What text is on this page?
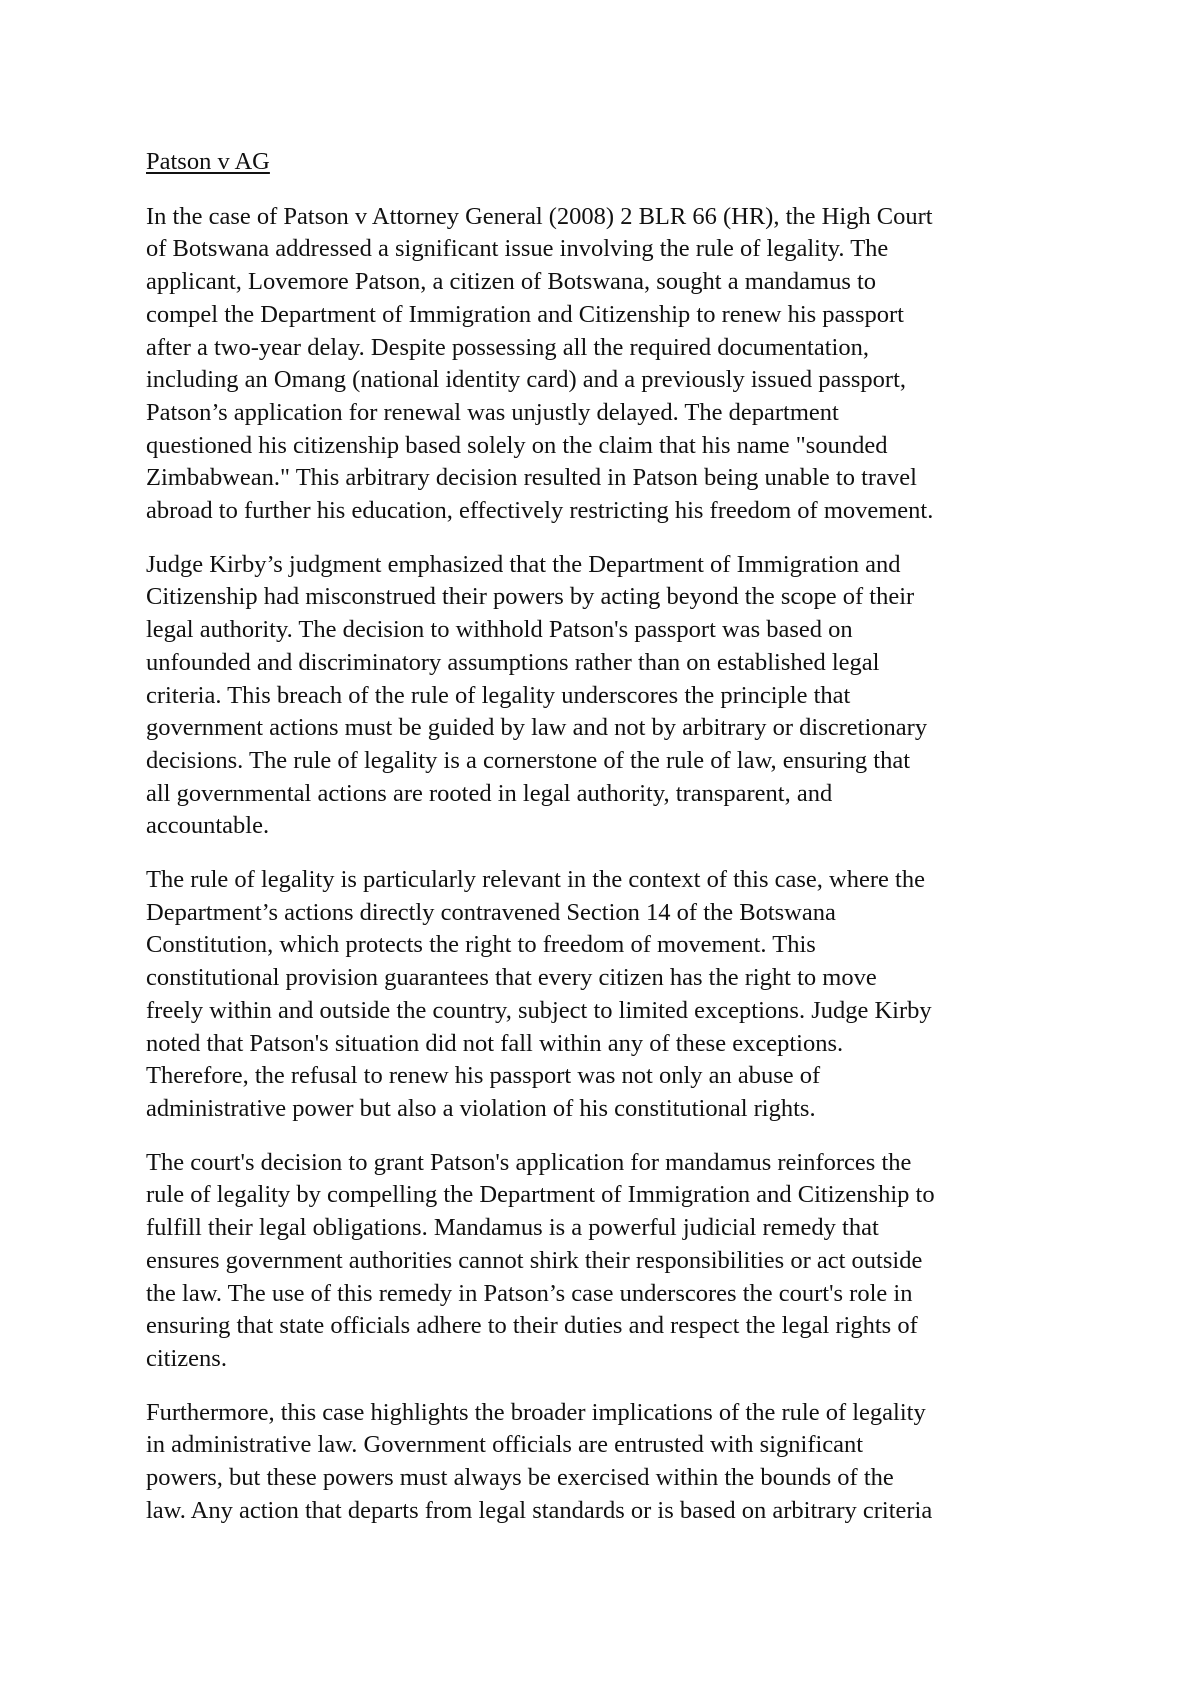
Patson v AG

In the case of Patson v Attorney General (2008) 2 BLR 66 (HR), the High Court
of Botswana addressed a significant issue involving the rule of legality. The
applicant, Lovemore Patson, a citizen of Botswana, sought a mandamus to
compel the Department of Immigration and Citizenship to renew his passport
after a two-year delay. Despite possessing all the required documentation,
including an Omang (national identity card) and a previously issued passport,
Patson’s application for renewal was unjustly delayed. The department
questioned his citizenship based solely on the claim that his name "sounded
Zimbabwean." This arbitrary decision resulted in Patson being unable to travel
abroad to further his education, effectively restricting his freedom of movement.

Judge Kirby’s judgment emphasized that the Department of Immigration and
Citizenship had misconstrued their powers by acting beyond the scope of their
legal authority. The decision to withhold Patson's passport was based on
unfounded and discriminatory assumptions rather than on established legal
criteria. This breach of the rule of legality underscores the principle that
government actions must be guided by law and not by arbitrary or discretionary
decisions. The rule of legality is a cornerstone of the rule of law, ensuring that
all governmental actions are rooted in legal authority, transparent, and
accountable.

The rule of legality is particularly relevant in the context of this case, where the
Department’s actions directly contravened Section 14 of the Botswana
Constitution, which protects the right to freedom of movement. This
constitutional provision guarantees that every citizen has the right to move
freely within and outside the country, subject to limited exceptions. Judge Kirby
noted that Patson's situation did not fall within any of these exceptions.
Therefore, the refusal to renew his passport was not only an abuse of
administrative power but also a violation of his constitutional rights.

The court's decision to grant Patson's application for mandamus reinforces the
rule of legality by compelling the Department of Immigration and Citizenship to
fulfill their legal obligations. Mandamus is a powerful judicial remedy that
ensures government authorities cannot shirk their responsibilities or act outside
the law. The use of this remedy in Patson’s case underscores the court's role in
ensuring that state officials adhere to their duties and respect the legal rights of
citizens.

Furthermore, this case highlights the broader implications of the rule of legality
in administrative law. Government officials are entrusted with significant
powers, but these powers must always be exercised within the bounds of the
law. Any action that departs from legal standards or is based on arbitrary criteria
